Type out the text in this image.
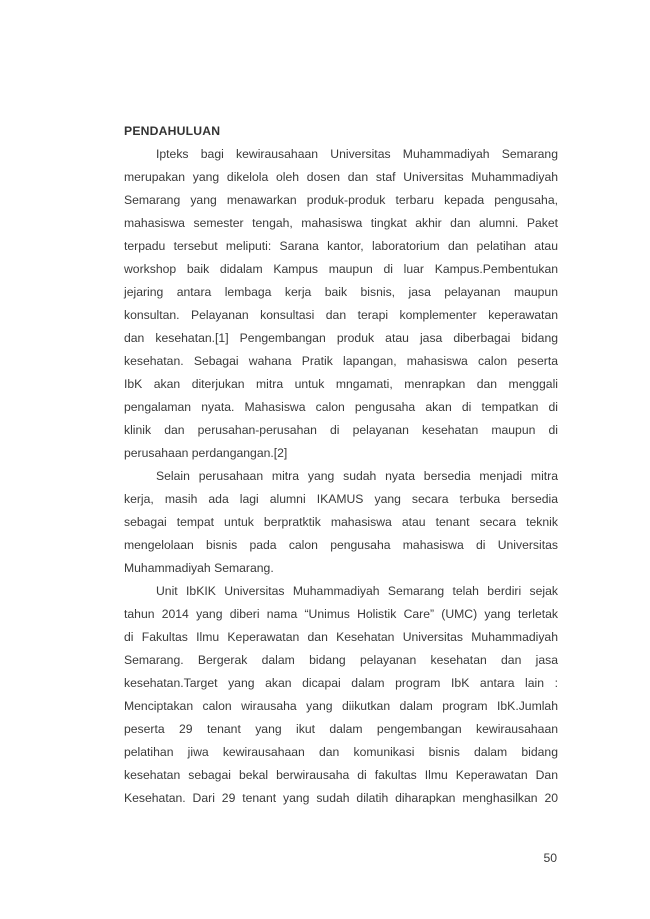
PENDAHULUAN
Ipteks bagi kewirausahaan Universitas Muhammadiyah Semarang
merupakan yang dikelola oleh dosen dan staf Universitas Muhammadiyah
Semarang yang menawarkan produk-produk terbaru kepada pengusaha,
mahasiswa semester tengah, mahasiswa tingkat akhir dan alumni. Paket
terpadu tersebut meliputi: Sarana kantor, laboratorium dan pelatihan atau
workshop baik didalam Kampus maupun di luar Kampus.Pembentukan
jejaring antara lembaga kerja baik bisnis, jasa pelayanan maupun
konsultan. Pelayanan konsultasi dan terapi komplementer keperawatan
dan kesehatan.[1] Pengembangan produk atau jasa diberbagai bidang
kesehatan. Sebagai wahana Pratik lapangan, mahasiswa calon peserta
IbK akan diterjukan mitra untuk mngamati, menrapkan dan menggali
pengalaman nyata. Mahasiswa calon pengusaha akan di tempatkan di
klinik dan perusahan-perusahan di pelayanan kesehatan maupun di
perusahaan perdangangan.[2]
Selain perusahaan mitra yang sudah nyata bersedia menjadi mitra
kerja, masih ada lagi alumni IKAMUS yang secara terbuka bersedia
sebagai tempat untuk berpratktik mahasiswa atau tenant secara teknik
mengelolaan bisnis pada calon pengusaha mahasiswa di Universitas
Muhammadiyah Semarang.
Unit IbKIK Universitas Muhammadiyah Semarang telah berdiri sejak
tahun 2014 yang diberi nama “Unimus Holistik Care” (UMC) yang terletak
di Fakultas Ilmu Keperawatan dan Kesehatan Universitas Muhammadiyah
Semarang. Bergerak dalam bidang pelayanan kesehatan dan jasa
kesehatan.Target yang akan dicapai dalam program IbK antara lain :
Menciptakan calon wirausaha yang diikutkan dalam program IbK.Jumlah
peserta 29 tenant yang ikut dalam pengembangan kewirausahaan
pelatihan jiwa kewirausahaan dan komunikasi bisnis dalam bidang
kesehatan sebagai bekal berwirausaha di fakultas Ilmu Keperawatan Dan
Kesehatan. Dari 29 tenant yang sudah dilatih diharapkan menghasilkan 20
50
